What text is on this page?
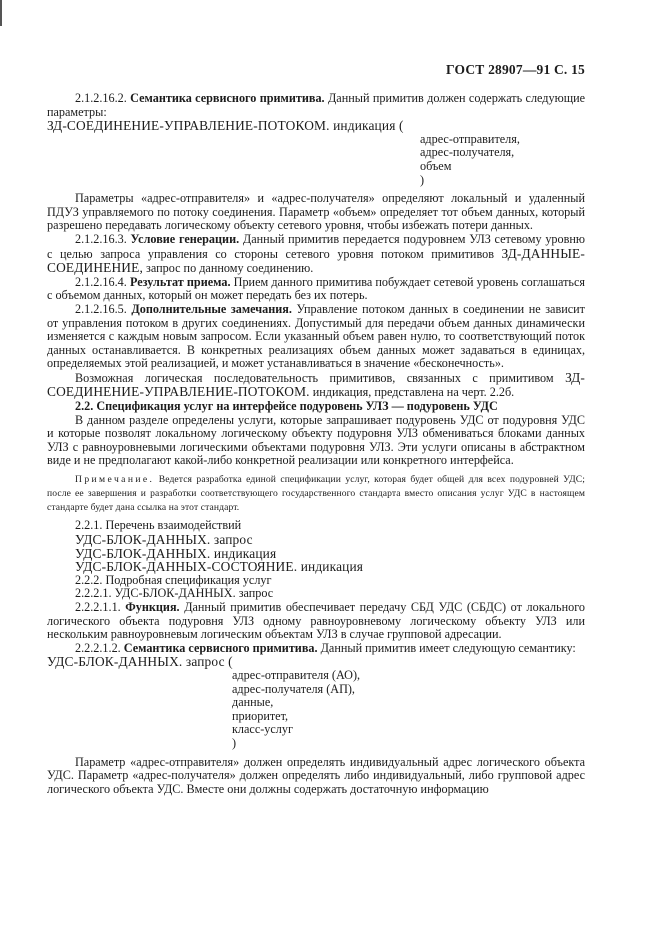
ГОСТ 28907—91 С. 15

2.1.2.16.2. Семантика сервисного примитива. Данный примитив должен содержать следующие параметры:

ЗД-СОЕДИНЕНИЕ-УПРАВЛЕНИЕ-ПОТОКОМ. индикация (

адрес-отправителя,

адрес-получателя,

объем

)

Параметры «адрес-отправителя» и «адрес-получателя» определяют локальный и удаленный ПДУЗ управляемого по потоку соединения. Параметр «объем» определяет тот объем данных, который разрешено передавать логическому объекту сетевого уровня, чтобы избежать потери данных.

2.1.2.16.3. Условие генерации. Данный примитив передается подуровнем УЛЗ сетевому уровню с целью запроса управления со стороны сетевого уровня потоком примитивов ЗД-ДАННЫЕ-СОЕДИНЕНИЕ, запрос по данному соединению.

2.1.2.16.4. Результат приема. Прием данного примитива побуждает сетевой уровень соглашаться с объемом данных, который он может передать без их потерь.

2.1.2.16.5. Дополнительные замечания. Управление потоком данных в соединении не зависит от управления потоком в других соединениях. Допустимый для передачи объем данных динамически изменяется с каждым новым запросом. Если указанный объем равен нулю, то соответствующий поток данных останавливается. В конкретных реализациях объем данных может задаваться в единицах, определяемых этой реализацией, и может устанавливаться в значение «бесконечность».

Возможная логическая последовательность примитивов, связанных с примитивом ЗД-СОЕДИНЕНИЕ-УПРАВЛЕНИЕ-ПОТОКОМ. индикация, представлена на черт. 2.2б.

2.2. Спецификация услуг на интерфейсе подуровень УЛЗ — подуровень УДС

В данном разделе определены услуги, которые запрашивает подуровень УДС от подуровня УДС и которые позволят локальному логическому объекту подуровня УЛЗ обмениваться блоками данных УЛЗ с равноуровневыми логическими объектами подуровня УЛЗ. Эти услуги описаны в абстрактном виде и не предполагают какой-либо конкретной реализации или конкретного интерфейса.

Примечание. Ведется разработка единой спецификации услуг, которая будет общей для всех подуровней УДС; после ее завершения и разработки соответствующего государственного стандарта вместо описания услуг УДС в настоящем стандарте будет дана ссылка на этот стандарт.

2.2.1. Перечень взаимодействий

УДС-БЛОК-ДАННЫХ. запрос

УДС-БЛОК-ДАННЫХ. индикация

УДС-БЛОК-ДАННЫХ-СОСТОЯНИЕ. индикация

2.2.2. Подробная спецификация услуг

2.2.2.1. УДС-БЛОК-ДАННЫХ. запрос

2.2.2.1.1. Функция. Данный примитив обеспечивает передачу СБД УДС (СБДС) от локального логического объекта подуровня УЛЗ одному равноуровневому логическому объекту УЛЗ или нескольким равноуровневым логическим объектам УЛЗ в случае групповой адресации.

2.2.2.1.2. Семантика сервисного примитива. Данный примитив имеет следующую семантику:

УДС-БЛОК-ДАННЫХ. запрос (

адрес-отправителя (АО),

адрес-получателя (АП),

данные,

приоритет,

класс-услуг

)

Параметр «адрес-отправителя» должен определять индивидуальный адрес логического объекта УДС. Параметр «адрес-получателя» должен определять либо индивидуальный, либо групповой адрес логического объекта УДС. Вместе они должны содержать достаточную информацию
